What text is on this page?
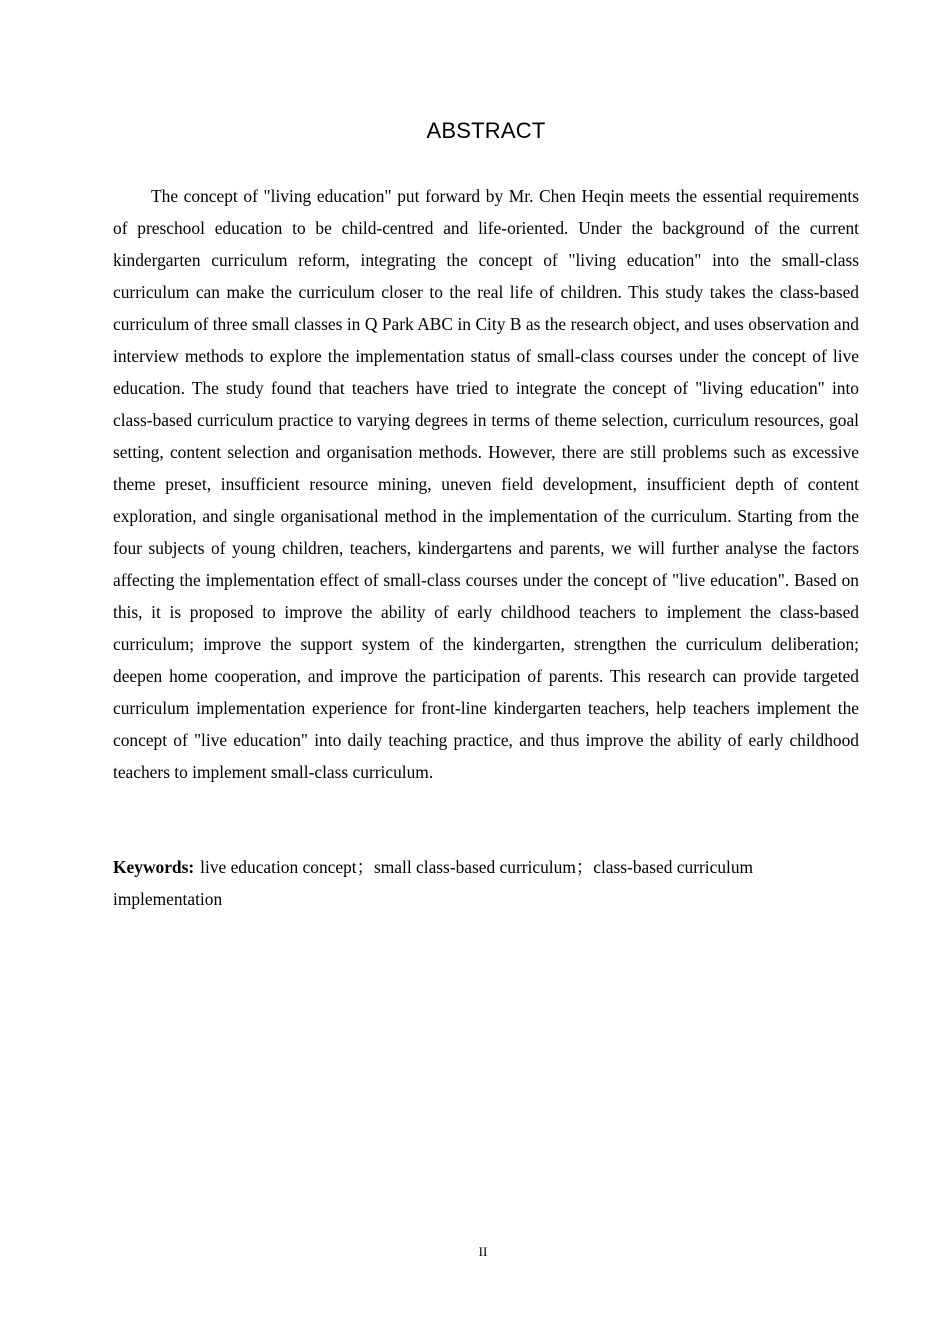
ABSTRACT

The concept of "living education" put forward by Mr. Chen Heqin meets the essential requirements of preschool education to be child-centred and life-oriented. Under the background of the current kindergarten curriculum reform, integrating the concept of "living education" into the small-class curriculum can make the curriculum closer to the real life of children. This study takes the class-based curriculum of three small classes in Q Park ABC in City B as the research object, and uses observation and interview methods to explore the implementation status of small-class courses under the concept of live education. The study found that teachers have tried to integrate the concept of "living education" into class-based curriculum practice to varying degrees in terms of theme selection, curriculum resources, goal setting, content selection and organisation methods. However, there are still problems such as excessive theme preset, insufficient resource mining, uneven field development, insufficient depth of content exploration, and single organisational method in the implementation of the curriculum. Starting from the four subjects of young children, teachers, kindergartens and parents, we will further analyse the factors affecting the implementation effect of small-class courses under the concept of "live education". Based on this, it is proposed to improve the ability of early childhood teachers to implement the class-based curriculum; improve the support system of the kindergarten, strengthen the curriculum deliberation; deepen home cooperation, and improve the participation of parents. This research can provide targeted curriculum implementation experience for front-line kindergarten teachers, help teachers implement the concept of "live education" into daily teaching practice, and thus improve the ability of early childhood teachers to implement small-class curriculum.

Keywords: live education concept；small class-based curriculum；class-based curriculum implementation

II
